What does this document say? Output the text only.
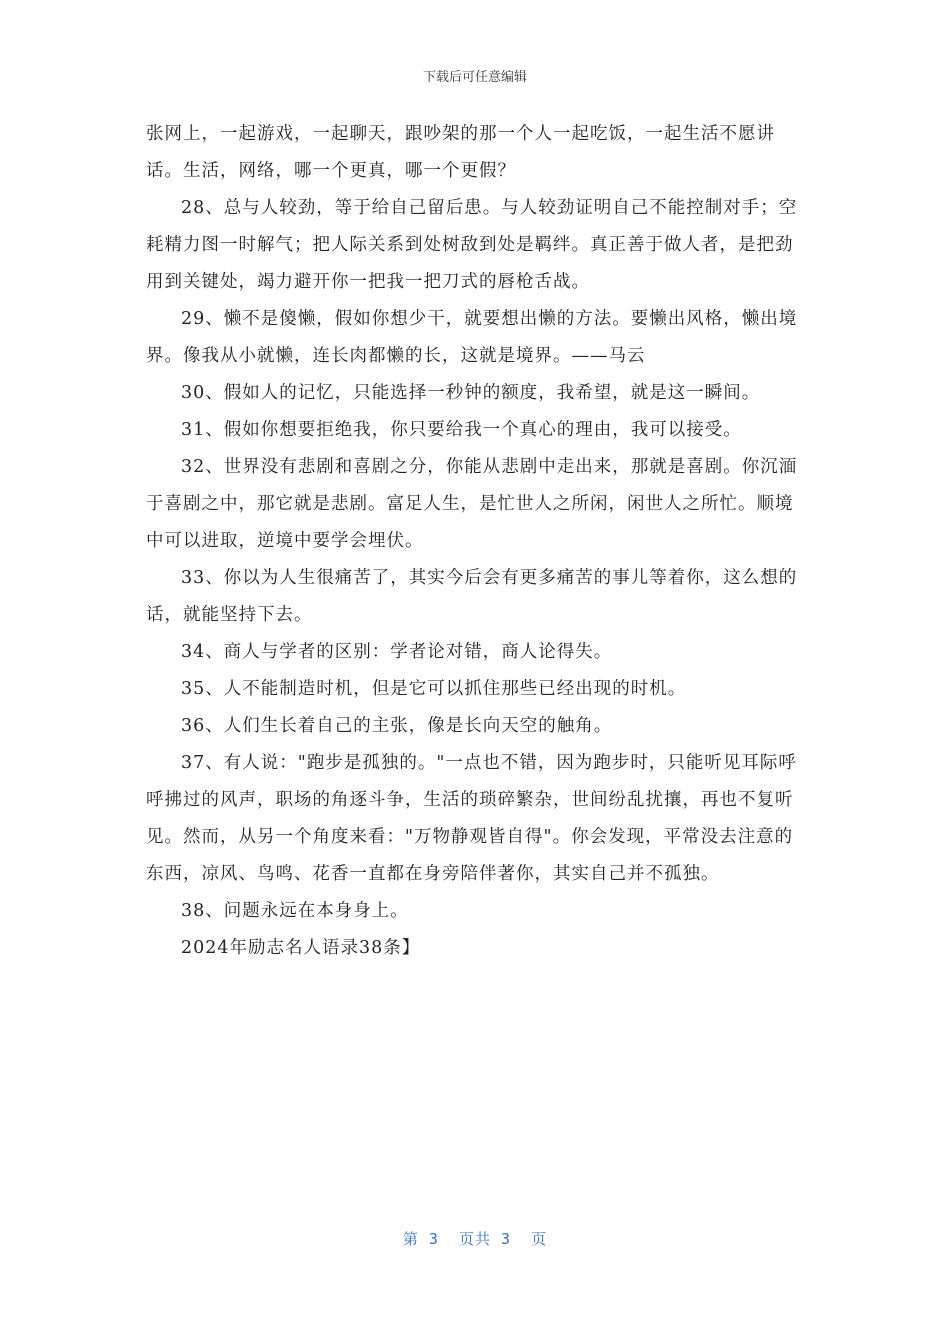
下载后可任意编辑

张网上，一起游戏，一起聊天，跟吵架的那一个人一起吃饭，一起生活不愿讲话。生活，网络，哪一个更真，哪一个更假？

28、总与人较劲，等于给自己留后患。与人较劲证明自己不能控制对手；空耗精力图一时解气；把人际关系到处树敌到处是羁绊。真正善于做人者，是把劲用到关键处，竭力避开你一把我一把刀式的唇枪舌战。

29、懒不是傻懒，假如你想少干，就要想出懒的方法。要懒出风格，懒出境界。像我从小就懒，连长肉都懒的长，这就是境界。——马云

30、假如人的记忆，只能选择一秒钟的额度，我希望，就是这一瞬间。

31、假如你想要拒绝我，你只要给我一个真心的理由，我可以接受。

32、世界没有悲剧和喜剧之分，你能从悲剧中走出来，那就是喜剧。你沉湎于喜剧之中，那它就是悲剧。富足人生，是忙世人之所闲，闲世人之所忙。顺境中可以进取，逆境中要学会埋伏。

33、你以为人生很痛苦了，其实今后会有更多痛苦的事儿等着你，这么想的话，就能坚持下去。

34、商人与学者的区别：学者论对错，商人论得失。

35、人不能制造时机，但是它可以抓住那些已经出现的时机。

36、人们生长着自己的主张，像是长向天空的触角。

37、有人说："跑步是孤独的。"一点也不错，因为跑步时，只能听见耳际呼呼拂过的风声，职场的角逐斗争，生活的琐碎繁杂，世间纷乱扰攘，再也不复听见。然而，从另一个角度来看："万物静观皆自得"。你会发现，平常没去注意的东西，凉风、鸟鸣、花香一直都在身旁陪伴著你，其实自己并不孤独。

38、问题永远在本身身上。

2024年励志名人语录38条】

第 3  页共 3  页
